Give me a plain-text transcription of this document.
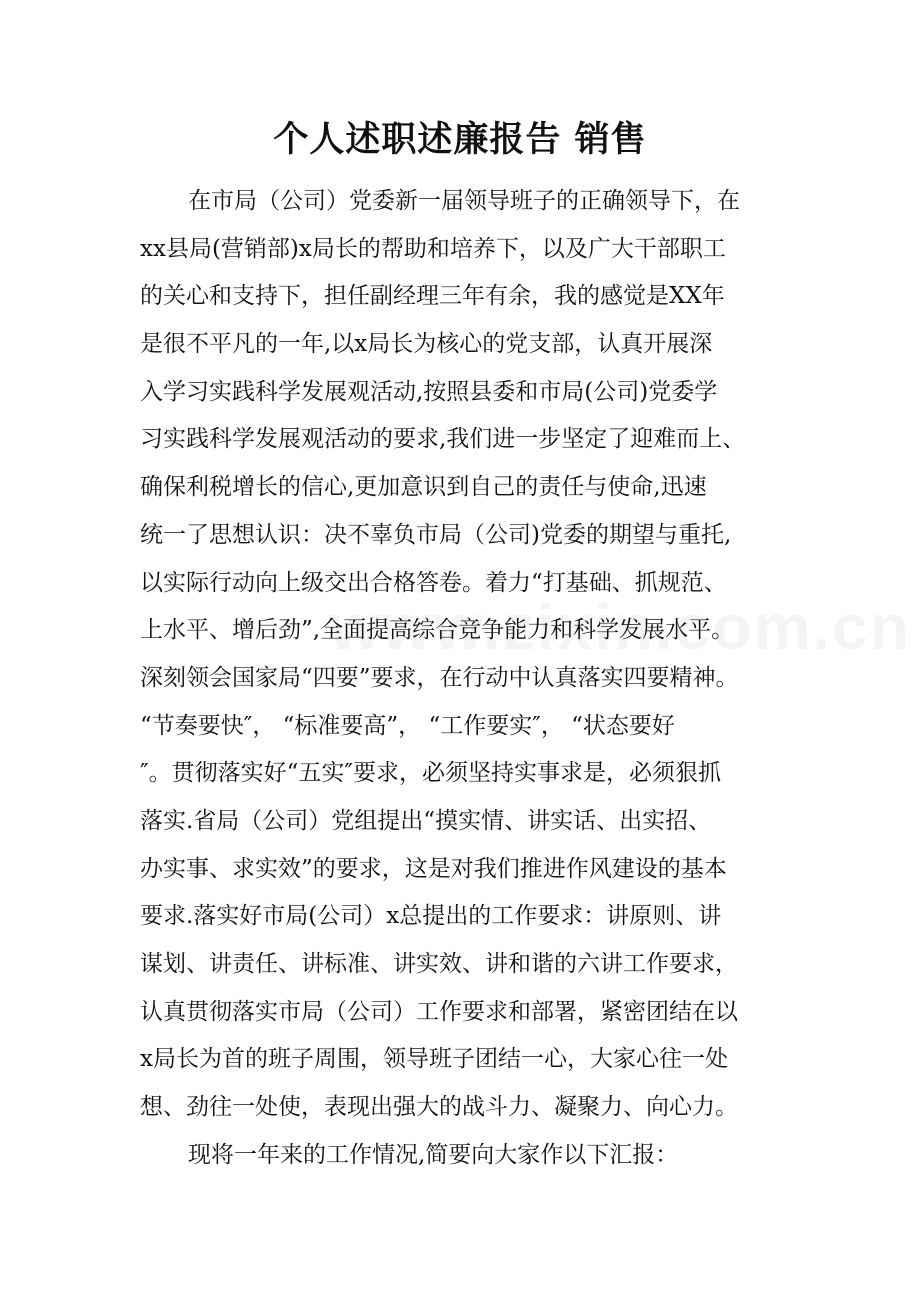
个人述职述廉报告 销售
在市局（公司）党委新一届领导班子的正确领导下，在
xx县局(营销部)x局长的帮助和培养下，以及广大干部职工
的关心和支持下，担任副经理三年有余，我的感觉是XX年
是很不平凡的一年,以x局长为核心的党支部，认真开展深
入学习实践科学发展观活动,按照县委和市局(公司)党委学
习实践科学发展观活动的要求,我们进一步坚定了迎难而上、
确保利税增长的信心,更加意识到自己的责任与使命,迅速
统一了思想认识：决不辜负市局（公司)党委的期望与重托,
以实际行动向上级交出合格答卷。着力“打基础、抓规范、
上水平、增后劲”,全面提高综合竞争能力和科学发展水平。
深刻领会国家局“四要”要求，在行动中认真落实四要精神。
“节奏要快″， “标准要高”， “工作要实″， “状态要好
″。贯彻落实好“五实″要求，必须坚持实事求是，必须狠抓
落实.省局（公司）党组提出“摸实情、讲实话、出实招、
办实事、求实效”的要求，这是对我们推进作风建设的基本
要求.落实好市局(公司）x总提出的工作要求：讲原则、讲
谋划、讲责任、讲标准、讲实效、讲和谐的六讲工作要求，
认真贯彻落实市局（公司）工作要求和部署，紧密团结在以
x局长为首的班子周围，领导班子团结一心，大家心往一处
想、劲往一处使，表现出强大的战斗力、凝聚力、向心力。
现将一年来的工作情况,简要向大家作以下汇报：
